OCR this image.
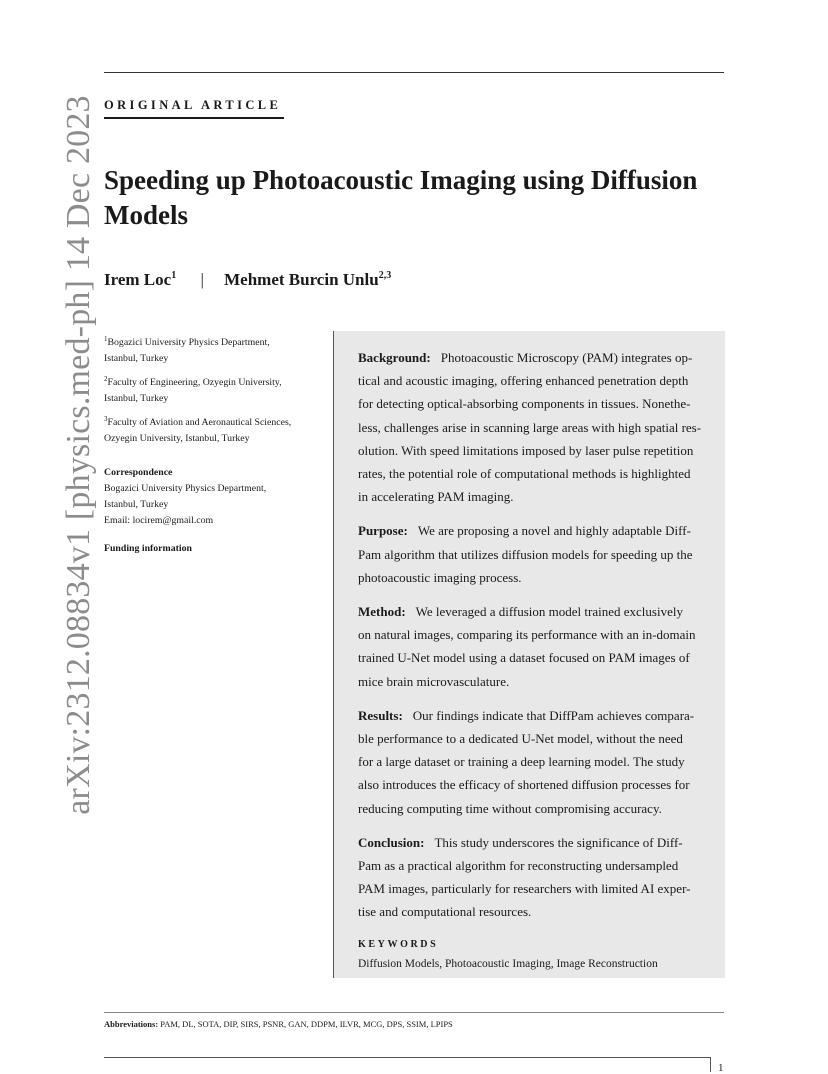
ORIGINAL ARTICLE
arXiv:2312.08834v1 [physics.med-ph] 14 Dec 2023 Speeding up Photoacoustic Imaging using Diffusion
Models
Irem Loc$^1$ | Mehmet Burcin Unlu$^{2,3}$
$^1$Bogazici University Physics Department,
Istanbul, Turkey
$^2$Faculty of Engineering, Ozyegin University,
Istanbul, Turkey
$^3$Faculty of Aviation and Aeronautical Sciences,
Ozyegin University, Istanbul, Turkey
Correspondence
Bogazici University Physics Department,
Istanbul, Turkey
Email: locirem@gmail.com
Funding information
Background: Photoacoustic Microscopy (PAM) integrates op-
tical and acoustic imaging, offering enhanced penetration depth
for detecting optical-absorbing components in tissues. Nonethe-
less, challenges arise in scanning large areas with high spatial res-
olution. With speed limitations imposed by laser pulse repetition
rates, the potential role of computational methods is highlighted
in accelerating PAM imaging.
Purpose: We are proposing a novel and highly adaptable Diff-
Pam algorithm that utilizes diffusion models for speeding up the
photoacoustic imaging process.
Method: We leveraged a diffusion model trained exclusively
on natural images, comparing its performance with an in-domain
trained U-Net model using a dataset focused on PAM images of
mice brain microvasculature.
Results: Our findings indicate that DiffPam achieves compara-
ble performance to a dedicated U-Net model, without the need
for a large dataset or training a deep learning model. The study
also introduces the efficacy of shortened diffusion processes for
reducing computing time without compromising accuracy.
Conclusion: This study underscores the significance of Diff-
Pam as a practical algorithm for reconstructing undersampled
PAM images, particularly for researchers with limited AI exper-
tise and computational resources.
KEYWORDS
Diffusion Models, Photoacoustic Imaging, Image Reconstruction
Abbreviations: PAM, DL, SOTA, DIP, SIRS, PSNR, GAN, DDPM, ILVR, MCG, DPS, SSIM, LPIPS
1
